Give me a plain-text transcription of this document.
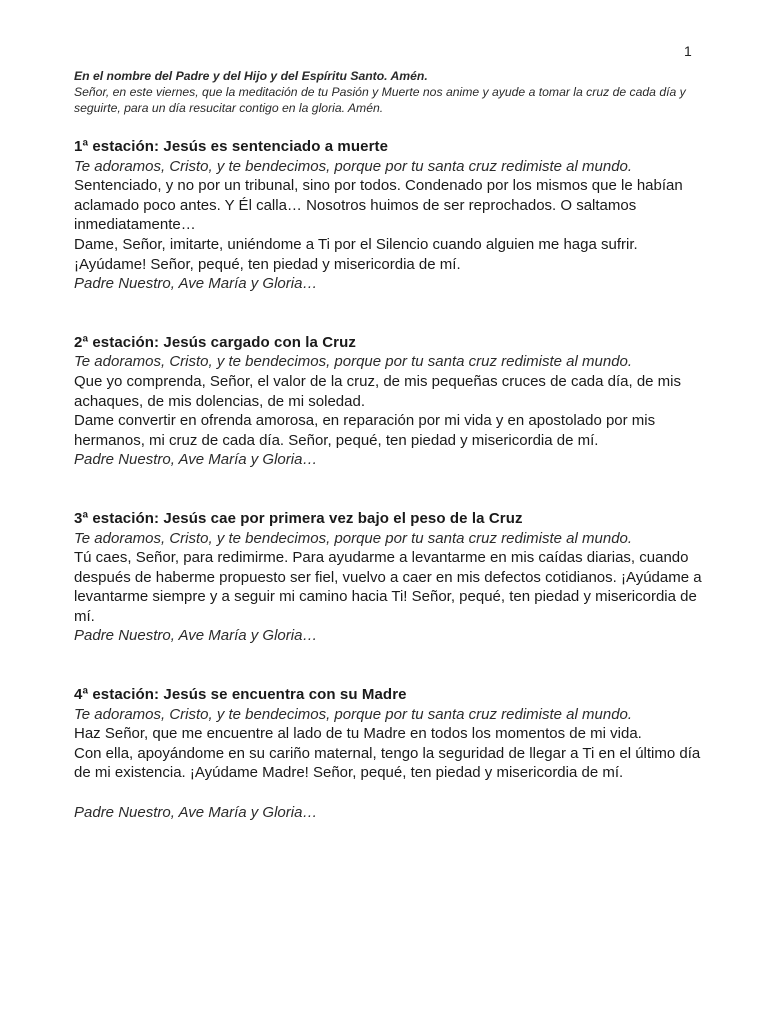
1
En el nombre del Padre y del Hijo y del Espíritu Santo. Amén.
Señor, en este viernes, que la meditación de tu Pasión y Muerte nos anime y ayude a tomar la cruz de cada día y seguirte, para un día resucitar contigo en la gloria. Amén.
1ª estación: Jesús es sentenciado a muerte
Te adoramos, Cristo, y te bendecimos, porque por tu santa cruz redimiste al mundo.

Sentenciado, y no por un tribunal, sino por todos. Condenado por los mismos que le habían aclamado poco antes. Y Él calla… Nosotros huimos de ser reprochados. O saltamos inmediatamente…

Dame, Señor, imitarte, uniéndome a Ti por el Silencio cuando alguien me haga sufrir. ¡Ayúdame! Señor, pequé, ten piedad y misericordia de mí.

Padre Nuestro, Ave María y Gloria…
2ª estación: Jesús cargado con la Cruz
Te adoramos, Cristo, y te bendecimos, porque por tu santa cruz redimiste al mundo.

Que yo comprenda, Señor, el valor de la cruz, de mis pequeñas cruces de cada día, de mis achaques, de mis dolencias, de mi soledad.

Dame convertir en ofrenda amorosa, en reparación por mi vida y en apostolado por mis hermanos, mi cruz de cada día. Señor, pequé, ten piedad y misericordia de mí.

Padre Nuestro, Ave María y Gloria…
3ª estación: Jesús cae por primera vez bajo el peso de la Cruz
Te adoramos, Cristo, y te bendecimos, porque por tu santa cruz redimiste al mundo.

Tú caes, Señor, para redimirme. Para ayudarme a levantarme en mis caídas diarias, cuando después de haberme propuesto ser fiel, vuelvo a caer en mis defectos cotidianos. ¡Ayúdame a levantarme siempre y a seguir mi camino hacia Ti! Señor, pequé, ten piedad y misericordia de mí.

Padre Nuestro, Ave María y Gloria…
4ª estación: Jesús se encuentra con su Madre
Te adoramos, Cristo, y te bendecimos, porque por tu santa cruz redimiste al mundo.

Haz Señor, que me encuentre al lado de tu Madre en todos los momentos de mi vida.

Con ella, apoyándome en su cariño maternal, tengo la seguridad de llegar a Ti en el último día de mi existencia. ¡Ayúdame Madre! Señor, pequé, ten piedad y misericordia de mí.

Padre Nuestro, Ave María y Gloria…
